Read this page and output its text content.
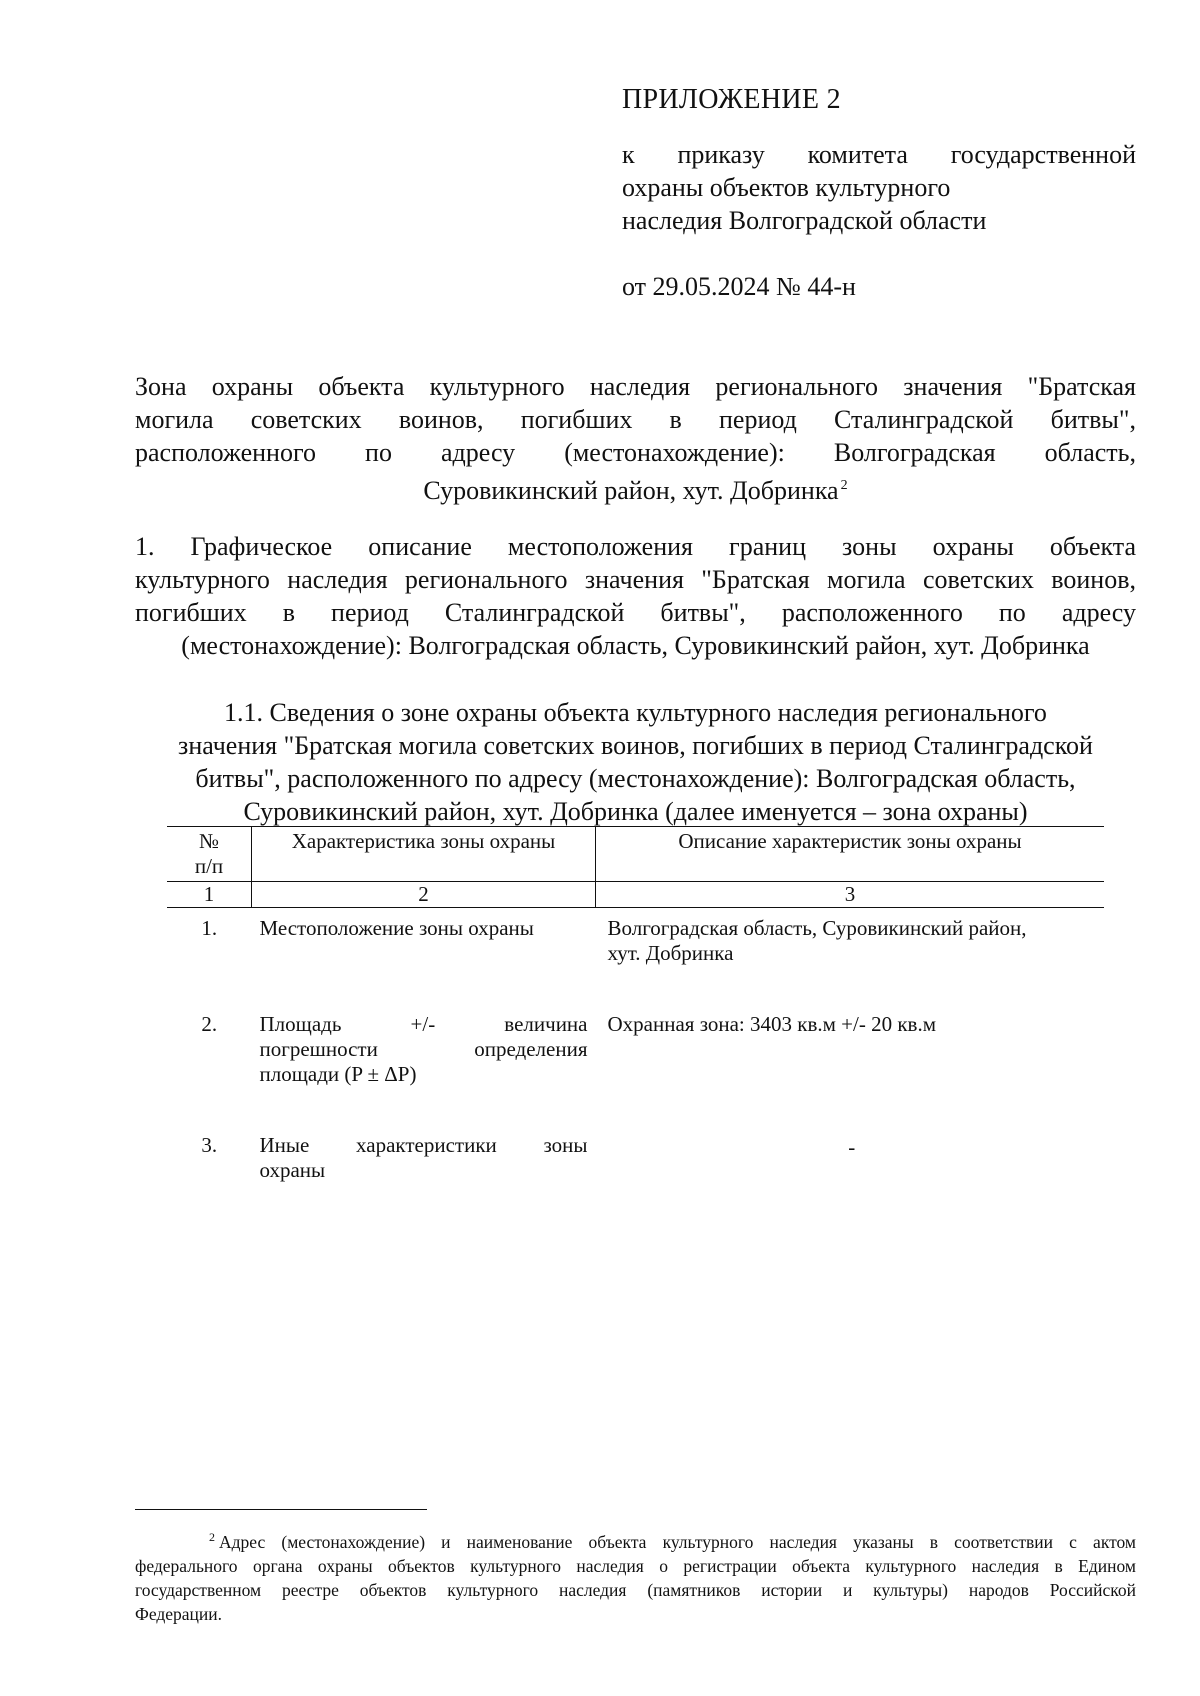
ПРИЛОЖЕНИЕ 2
к приказу комитета государственной
охраны объектов культурного
наследия Волгоградской области
от 29.05.2024 № 44-н
Зона охраны объекта культурного наследия регионального значения "Братская
могила советских воинов, погибших в период Сталинградской битвы",
расположенного по адресу (местонахождение): Волгоградская область,
Суровикинский район, хут. Добринка $^2$
1. Графическое описание местоположения границ зоны охраны объекта
культурного наследия регионального значения "Братская могила советских воинов,
погибших в период Сталинградской битвы", расположенного по адресу
(местонахождение): Волгоградская область, Суровикинский район, хут. Добринка
1.1. Сведения о зоне охраны объекта культурного наследия регионального
значения "Братская могила советских воинов, погибших в период Сталинградской
битвы", расположенного по адресу (местонахождение): Волгоградская область,
Суровикинский район, хут. Добринка (далее именуется – зона охраны)
№
п/п	Характеристика зоны охраны	Описание характеристик зоны охраны
1	2	3
1.	Местоположение зоны охраны	Волгоградская область, Суровикинский район,
хут. Добринка

2.	Площадь +/- величина
погрешности определения
площади (P ± ΔP)	Охранная зона: 3403 кв.м +/- 20 кв.м

3.	Иные характеристики зоны
охраны	-
$^2$ Адрес (местонахождение) и наименование объекта культурного наследия указаны в соответствии с актом
федерального органа охраны объектов культурного наследия о регистрации объекта культурного наследия в Едином
государственном реестре объектов культурного наследия (памятников истории и культуры) народов Российской
Федерации.
